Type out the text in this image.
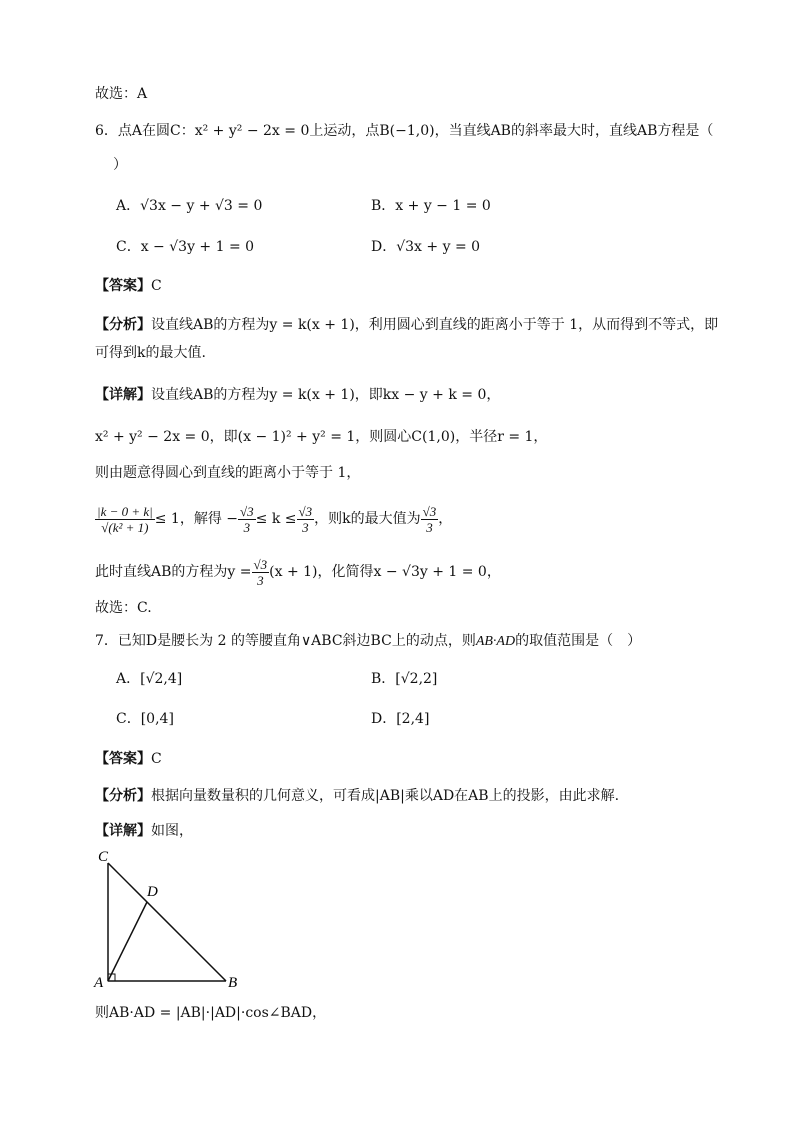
故选：A
6．点A在圆C：x² + y² − 2x = 0上运动，点B(−1,0)，当直线AB的斜率最大时，直线AB方程是（
）
A．√3x − y + √3 = 0	B．x + y − 1 = 0
C．x − √3y + 1 = 0	D．√3x + y = 0
【答案】C
【分析】设直线AB的方程为y = k(x + 1)，利用圆心到直线的距离小于等于 1，从而得到不等式，即
可得到k的最大值.
【详解】设直线AB的方程为y = k(x + 1)，即kx − y + k = 0，
x² + y² − 2x = 0，即(x − 1)² + y² = 1，则圆心C(1,0)，半径r = 1，
则由题意得圆心到直线的距离小于等于 1，
$\frac{|k - 0 + k|}{\text{√(k² + 1)}} \le 1$，解得 − $\frac{√3}{3} \le k \le \frac{√3}{3}$ ，则k的最大值为 $\frac{√3}{3}$ ，
此时直线AB的方程为$y = \frac{√3}{3} (x + 1)$，化简得x − √3y + 1 = 0，
故选：C.
7．已知D是腰长为 2 的等腰直角∨ABC斜边BC上的动点，则AB·AD的取值范围是（　）
A．[√2,4]	B．[√2,2]
C．[0,4]	D．[2,4]
【答案】C
【分析】根据向量数量积的几何意义，可看成|AB|乘以AD在AB上的投影，由此求解.
【详解】如图，
C
D
A	B
则AB·AD = |AB|·|AD|·cos∠BAD，
